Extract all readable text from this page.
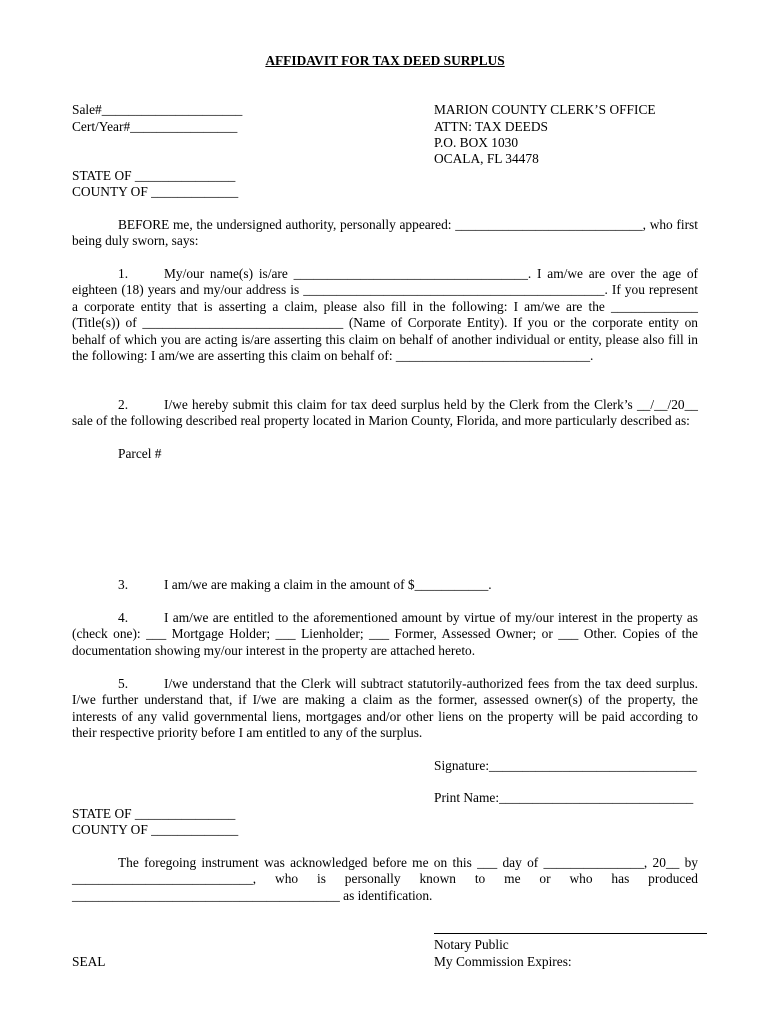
AFFIDAVIT FOR TAX DEED SURPLUS
Sale#_____________________
Cert/Year#________________
STATE OF _______________
COUNTY OF _____________
MARION COUNTY CLERK’S OFFICE
ATTN: TAX DEEDS
P.O. BOX 1030
OCALA, FL 34478
BEFORE me, the undersigned authority, personally appeared: ____________________________, who first being duly sworn, says:
1.	My/our name(s) is/are ___________________________________. I am/we are over the age of eighteen (18) years and my/our address is _____________________________________________. If you represent a corporate entity that is asserting a claim, please also fill in the following: I am/we are the _____________ (Title(s)) of ______________________________ (Name of Corporate Entity). If you or the corporate entity on behalf of which you are acting is/are asserting this claim on behalf of another individual or entity, please also fill in the following: I am/we are asserting this claim on behalf of: _____________________________.
2.	I/we hereby submit this claim for tax deed surplus held by the Clerk from the Clerk’s __/__/20__ sale of the following described real property located in Marion County, Florida, and more particularly described as:
Parcel #
3.	I am/we are making a claim in the amount of $___________.
4.	I am/we are entitled to the aforementioned amount by virtue of my/our interest in the property as (check one): ___ Mortgage Holder; ___ Lienholder; ___ Former, Assessed Owner; or ___ Other. Copies of the documentation showing my/our interest in the property are attached hereto.
5.	I/we understand that the Clerk will subtract statutorily-authorized fees from the tax deed surplus. I/we further understand that, if I/we are making a claim as the former, assessed owner(s) of the property, the interests of any valid governmental liens, mortgages and/or other liens on the property will be paid according to their respective priority before I am entitled to any of the surplus.
Signature:_______________________________
Print Name:_____________________________
STATE OF _______________
COUNTY OF _____________
The foregoing instrument was acknowledged before me on this ___ day of _______________, 20__ by ___________________________, who is personally known to me or who has produced ________________________________________ as identification.
Notary Public
My Commission Expires:
SEAL
